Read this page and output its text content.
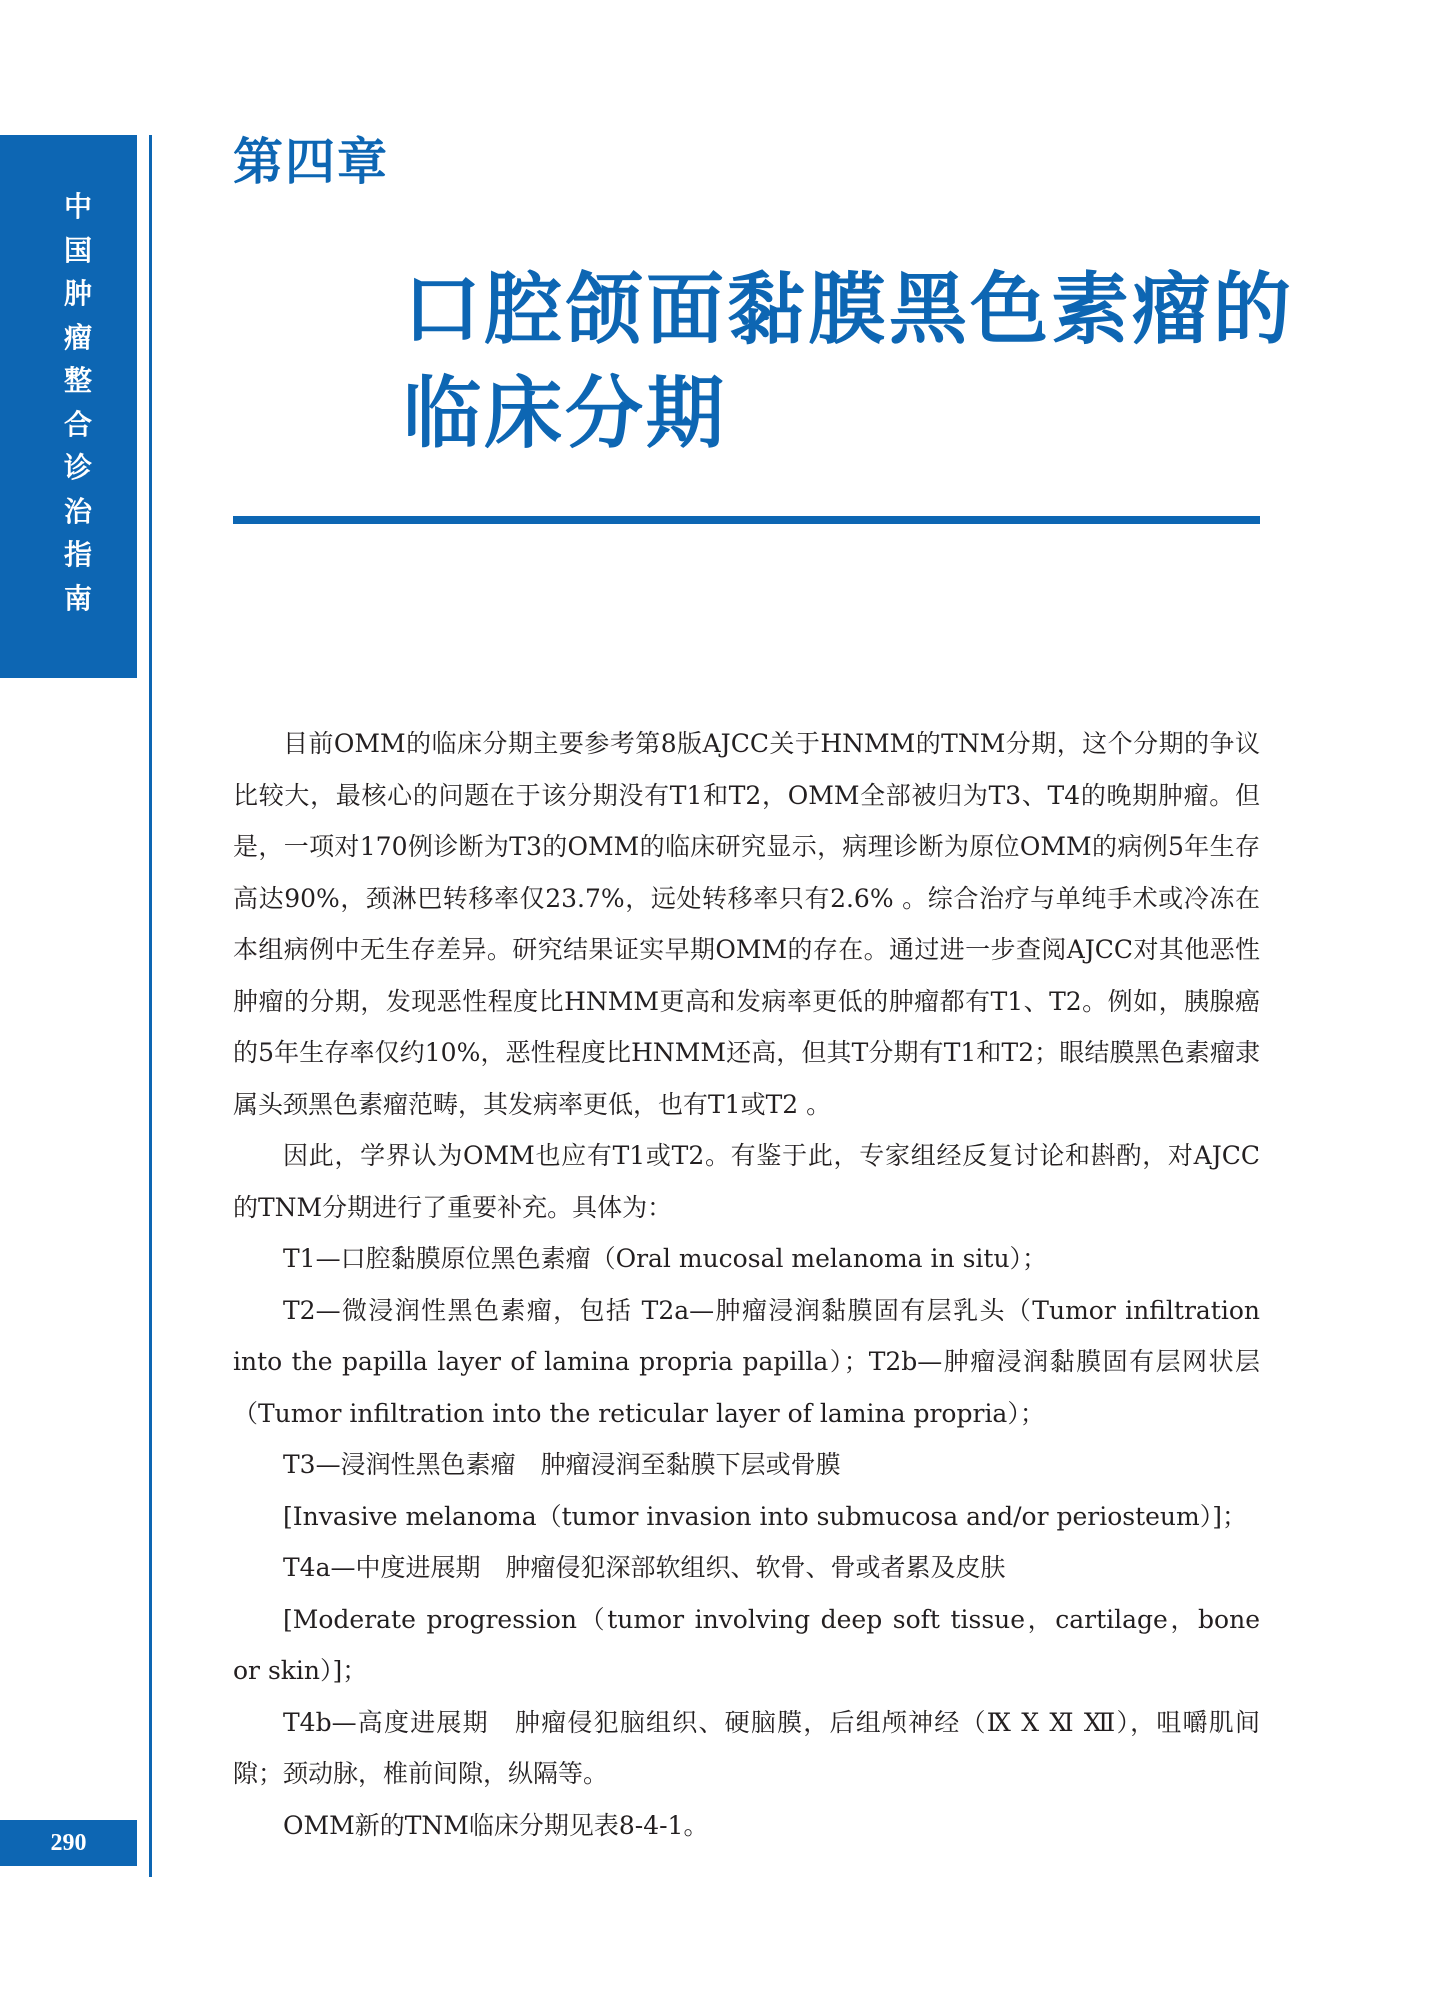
中国肿瘤整合诊治指南
290
第四章
口腔颌面黏膜黑色素瘤的临床分期

目前OMM的临床分期主要参考第8版AJCC关于HNMM的TNM分期，这个分期的争议比较大，最核心的问题在于该分期没有T1和T2，OMM全部被归为T3、T4的晚期肿瘤。但是，一项对170例诊断为T3的OMM的临床研究显示，病理诊断为原位OMM的病例5年生存高达90%，颈淋巴转移率仅23.7%，远处转移率只有2.6% 。综合治疗与单纯手术或冷冻在本组病例中无生存差异。研究结果证实早期OMM的存在。通过进一步查阅AJCC对其他恶性肿瘤的分期，发现恶性程度比HNMM更高和发病率更低的肿瘤都有T1、T2。例如，胰腺癌的5年生存率仅约10%，恶性程度比HNMM还高，但其T分期有T1和T2；眼结膜黑色素瘤隶属头颈黑色素瘤范畴，其发病率更低，也有T1或T2 。

因此，学界认为OMM也应有T1或T2。有鉴于此，专家组经反复讨论和斟酌，对AJCC的TNM分期进行了重要补充。具体为：

T1—口腔黏膜原位黑色素瘤（Oral mucosal melanoma in situ）；

T2—微浸润性黑色素瘤，包括 T2a—肿瘤浸润黏膜固有层乳头（Tumor infiltration into the papilla layer of lamina propria papilla）；T2b—肿瘤浸润黏膜固有层网状层（Tumor infiltration into the reticular layer of lamina propria）；

T3—浸润性黑色素瘤　肿瘤浸润至黏膜下层或骨膜

[Invasive melanoma（tumor invasion into submucosa and/or periosteum）]；

T4a—中度进展期　肿瘤侵犯深部软组织、软骨、骨或者累及皮肤

[Moderate progression（tumor involving deep soft tissue，cartilage，bone or skin）]；

T4b—高度进展期　肿瘤侵犯脑组织、硬脑膜，后组颅神经（Ⅸ Ⅹ Ⅺ Ⅻ），咀嚼肌间隙；颈动脉，椎前间隙，纵隔等。

OMM新的TNM临床分期见表8-4-1。
